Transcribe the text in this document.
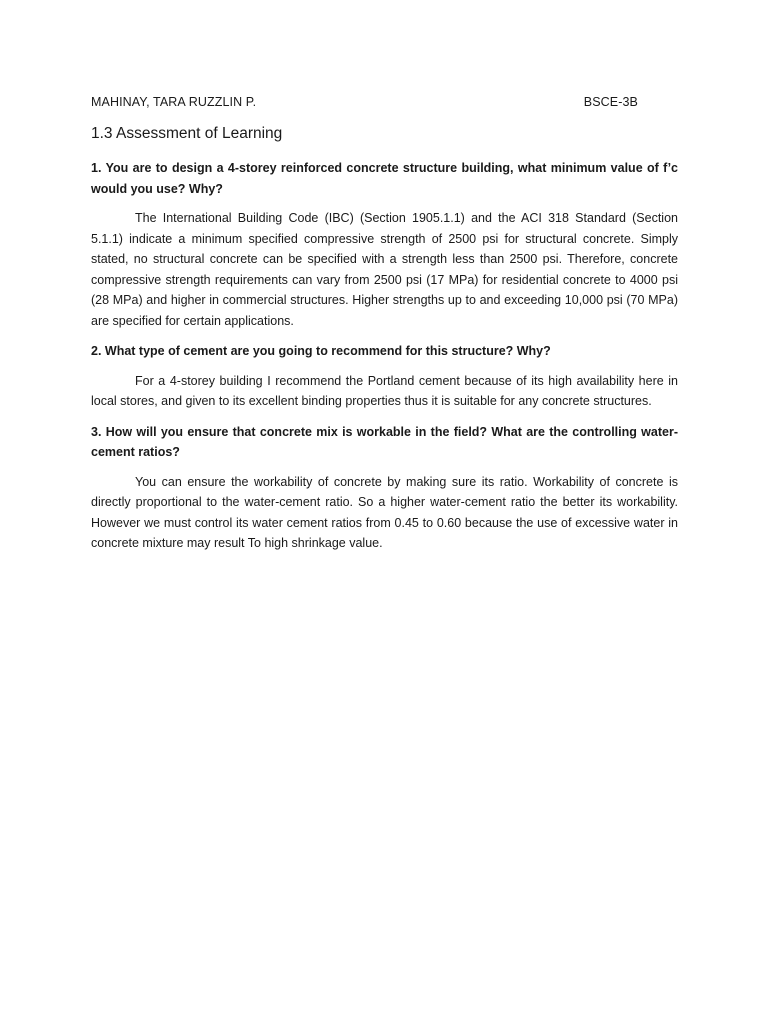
MAHINAY, TARA RUZZLIN P.	BSCE-3B
1.3 Assessment of Learning

1. You are to design a 4-storey reinforced concrete structure building, what minimum value of f’c would you use? Why?

The International Building Code (IBC) (Section 1905.1.1) and the ACI 318 Standard (Section 5.1.1) indicate a minimum specified compressive strength of 2500 psi for structural concrete. Simply stated, no structural concrete can be specified with a strength less than 2500 psi. Therefore, concrete compressive strength requirements can vary from 2500 psi (17 MPa) for residential concrete to 4000 psi (28 MPa) and higher in commercial structures. Higher strengths up to and exceeding 10,000 psi (70 MPa) are specified for certain applications.

2. What type of cement are you going to recommend for this structure? Why?

For a 4-storey building I recommend the Portland cement because of its high availability here in local stores, and given to its excellent binding properties thus it is suitable for any concrete structures.

3. How will you ensure that concrete mix is workable in the field? What are the controlling water-cement ratios?

You can ensure the workability of concrete by making sure its ratio. Workability of concrete is directly proportional to the water-cement ratio. So a higher water-cement ratio the better its workability. However we must control its water cement ratios from 0.45 to 0.60 because the use of excessive water in concrete mixture may result To high shrinkage value.
